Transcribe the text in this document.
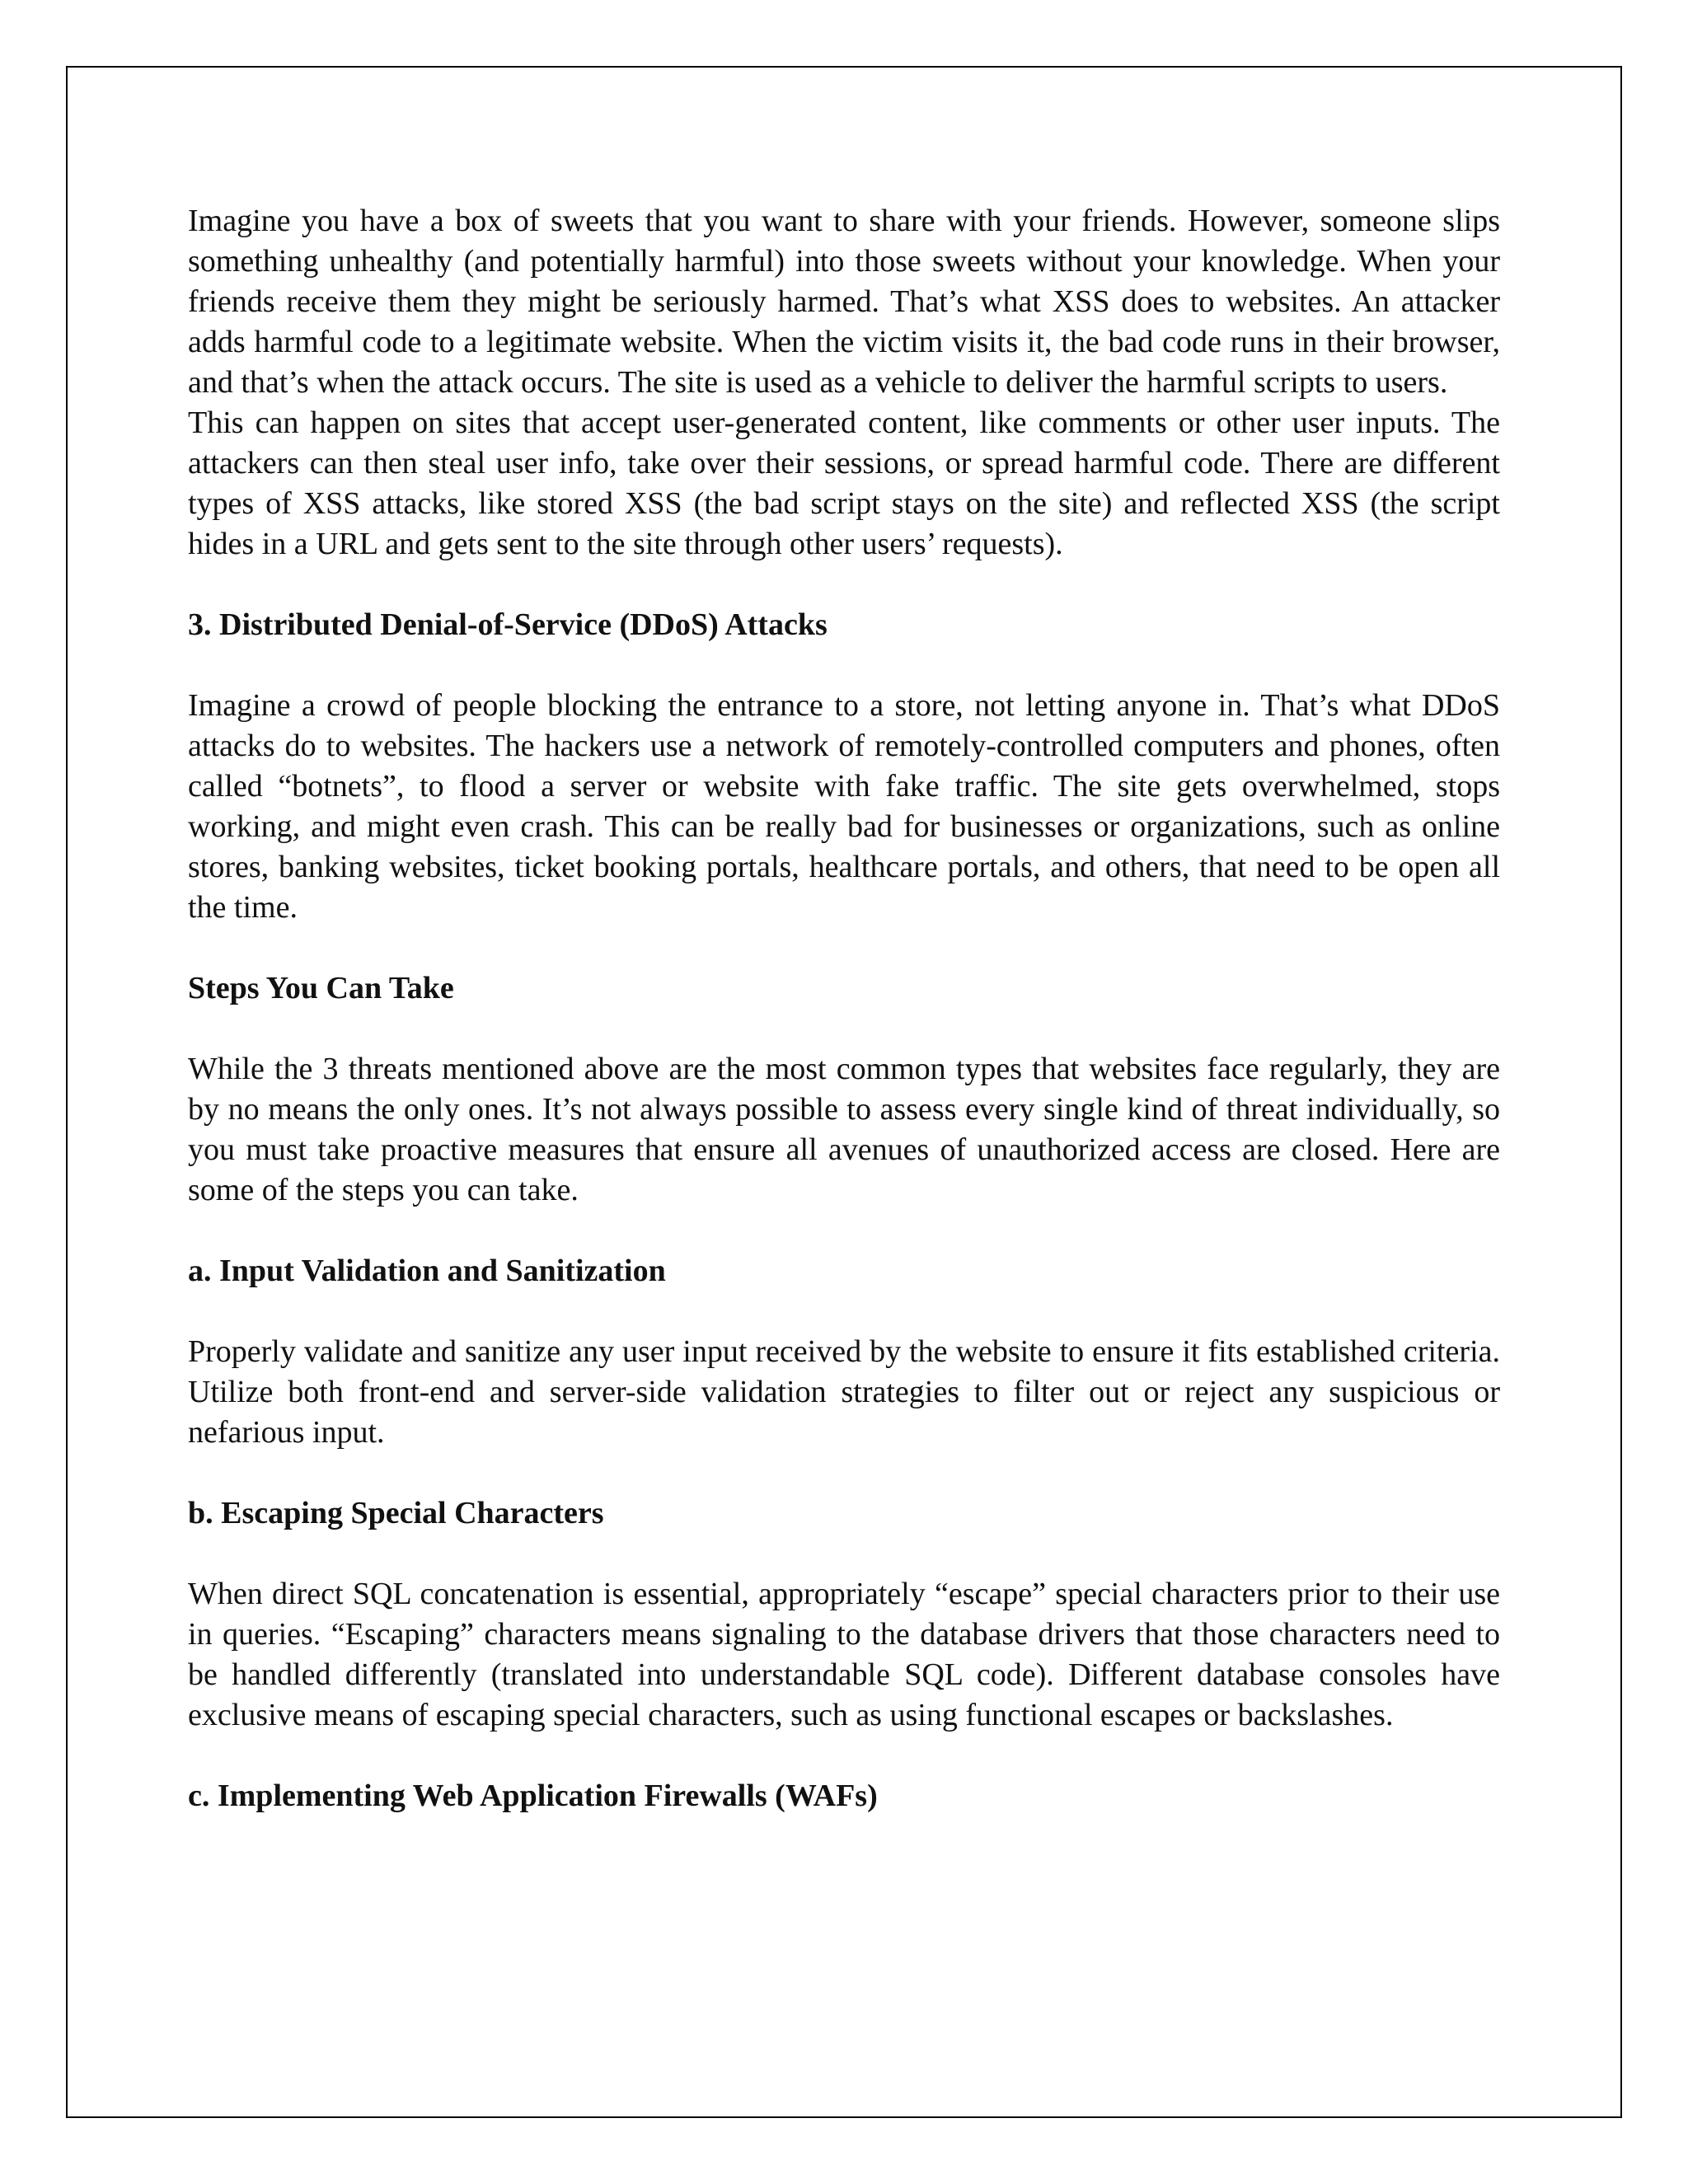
Imagine you have a box of sweets that you want to share with your friends. However, someone slips something unhealthy (and potentially harmful) into those sweets without your knowledge. When your friends receive them they might be seriously harmed. That’s what XSS does to websites. An attacker adds harmful code to a legitimate website. When the victim visits it, the bad code runs in their browser, and that’s when the attack occurs. The site is used as a vehicle to deliver the harmful scripts to users.

This can happen on sites that accept user-generated content, like comments or other user inputs. The attackers can then steal user info, take over their sessions, or spread harmful code. There are different types of XSS attacks, like stored XSS (the bad script stays on the site) and reflected XSS (the script hides in a URL and gets sent to the site through other users’ requests).

3. Distributed Denial-of-Service (DDoS) Attacks

Imagine a crowd of people blocking the entrance to a store, not letting anyone in. That’s what DDoS attacks do to websites. The hackers use a network of remotely-controlled computers and phones, often called “botnets”, to flood a server or website with fake traffic. The site gets overwhelmed, stops working, and might even crash. This can be really bad for businesses or organizations, such as online stores, banking websites, ticket booking portals, healthcare portals, and others, that need to be open all the time.

Steps You Can Take

While the 3 threats mentioned above are the most common types that websites face regularly, they are by no means the only ones. It’s not always possible to assess every single kind of threat individually, so you must take proactive measures that ensure all avenues of unauthorized access are closed. Here are some of the steps you can take.

a. Input Validation and Sanitization

Properly validate and sanitize any user input received by the website to ensure it fits established criteria. Utilize both front-end and server-side validation strategies to filter out or reject any suspicious or nefarious input.

b. Escaping Special Characters

When direct SQL concatenation is essential, appropriately “escape” special characters prior to their use in queries. “Escaping” characters means signaling to the database drivers that those characters need to be handled differently (translated into understandable SQL code). Different database consoles have exclusive means of escaping special characters, such as using functional escapes or backslashes.

c. Implementing Web Application Firewalls (WAFs)
